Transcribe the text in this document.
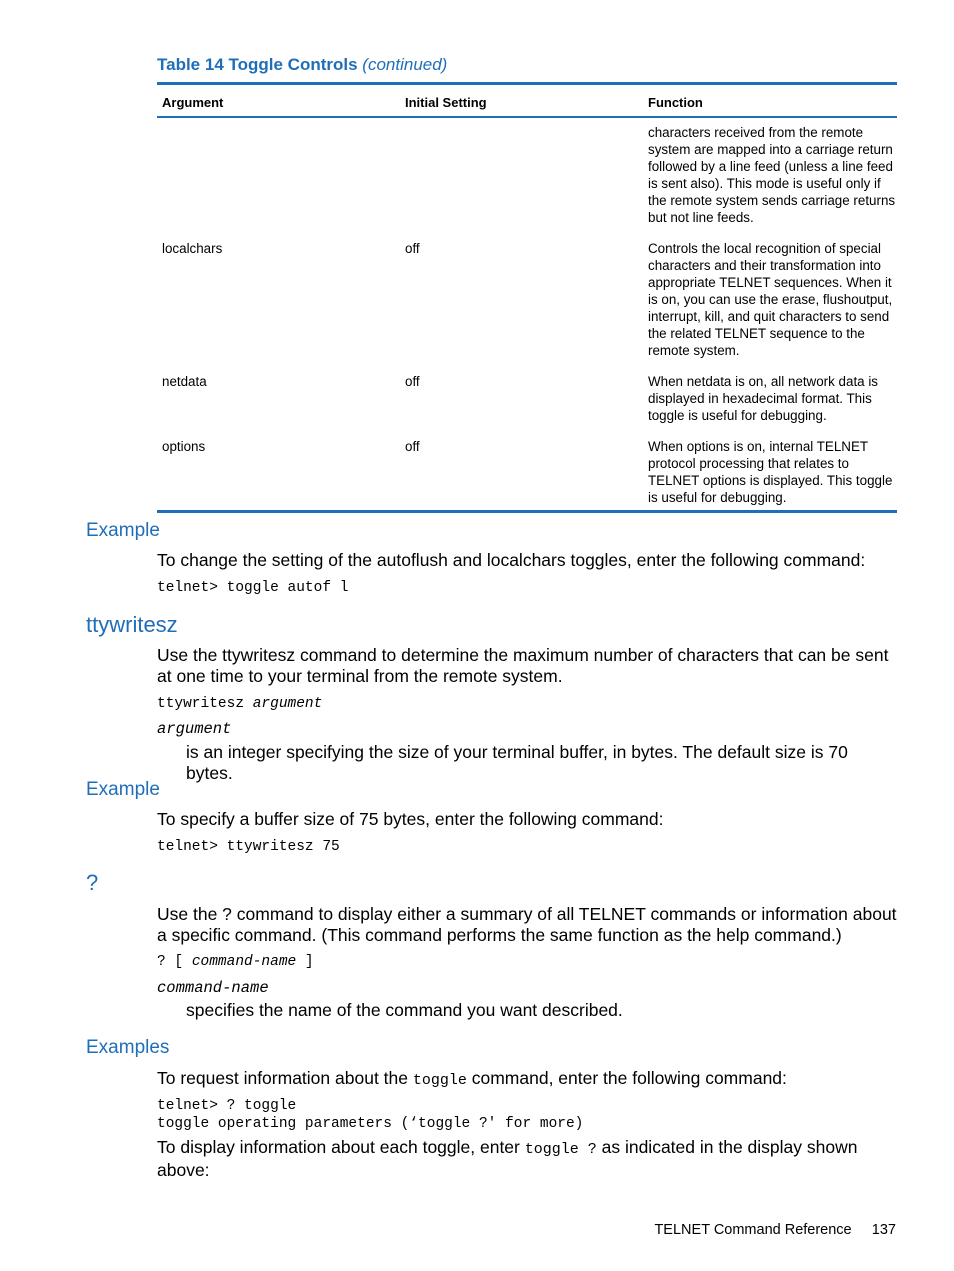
Table 14 Toggle Controls (continued)
Argument	Initial Setting	Function
		characters received from the remote system are mapped into a carriage return followed by a line feed (unless a line feed is sent also). This mode is useful only if the remote system sends carriage returns but not line feeds.
localchars	off	Controls the local recognition of special characters and their transformation into appropriate TELNET sequences. When it is on, you can use the erase, flushoutput, interrupt, kill, and quit characters to send the related TELNET sequence to the remote system.
netdata	off	When netdata is on, all network data is displayed in hexadecimal format. This toggle is useful for debugging.
options	off	When options is on, internal TELNET protocol processing that relates to TELNET options is displayed. This toggle is useful for debugging.
Example
To change the setting of the autoflush and localchars toggles, enter the following command:
telnet> toggle autof l
ttywritesz
Use the ttywritesz command to determine the maximum number of characters that can be sent at one time to your terminal from the remote system.
ttywritesz argument
argument
is an integer specifying the size of your terminal buffer, in bytes. The default size is 70 bytes.
Example
To specify a buffer size of 75 bytes, enter the following command:
telnet> ttywritesz 75
?
Use the ? command to display either a summary of all TELNET commands or information about a specific command. (This command performs the same function as the help command.)
? [ command-name ]
command-name
specifies the name of the command you want described.
Examples
To request information about the toggle command, enter the following command:
telnet> ? toggle
toggle operating parameters (‘toggle ?' for more)
To display information about each toggle, enter toggle ? as indicated in the display shown above:
TELNET Command Reference 137
